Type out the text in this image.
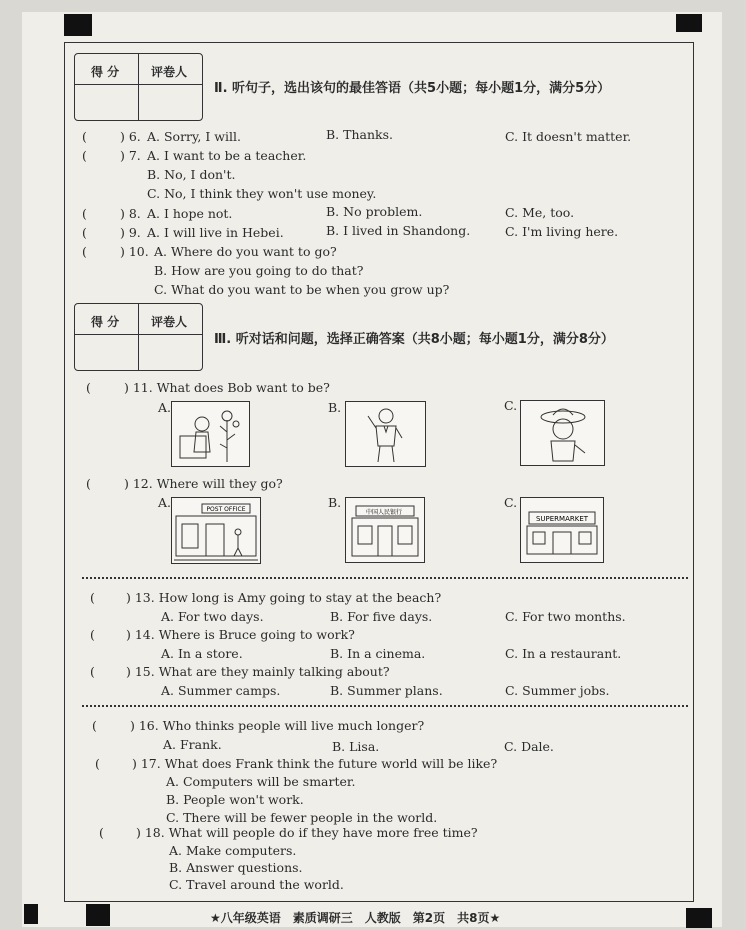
得 分	评卷人
Ⅱ. 听句子，选出该句的最佳答语（共5小题；每小题1分，满分5分）
(	) 6. A. Sorry, I will.	B. Thanks.	C. It doesn't matter.
(	) 7. A. I want to be a teacher.
B. No, I don't.
C. No, I think they won't use money.
(	) 8. A. I hope not.	B. No problem.	C. Me, too.
(	) 9. A. I will live in Hebei.	B. I lived in Shandong.	C. I'm living here.
(	) 10. A. Where do you want to go?
B. How are you going to do that?
C. What do you want to be when you grow up?
得 分	评卷人
Ⅲ. 听对话和问题，选择正确答案（共8小题；每小题1分，满分8分）
(	) 11. What does Bob want to be?
A.	B.	C.
(	) 12. Where will they go?
A.	B.	C.
POST OFFICE	中国人民银行
SUPERMARKET
( ) 13. How long is Amy going to stay at the beach?
A. For two days.	B. For five days.	C. For two months.
( ) 14. Where is Bruce going to work?
A. In a store.	B. In a cinema.	C. In a restaurant.
( ) 15. What are they mainly talking about?
A. Summer camps.	B. Summer plans.	C. Summer jobs.
(	) 16. Who thinks people will live much longer?
A. Frank.	B. Lisa.	C. Dale.
(	) 17. What does Frank think the future world will be like?
A. Computers will be smarter.
B. People won't work.
C. There will be fewer people in the world.
(	) 18. What will people do if they have more free time?
A. Make computers.
B. Answer questions.
C. Travel around the world.
★八年级英语　素质调研三　人教版　第2页　共8页★
